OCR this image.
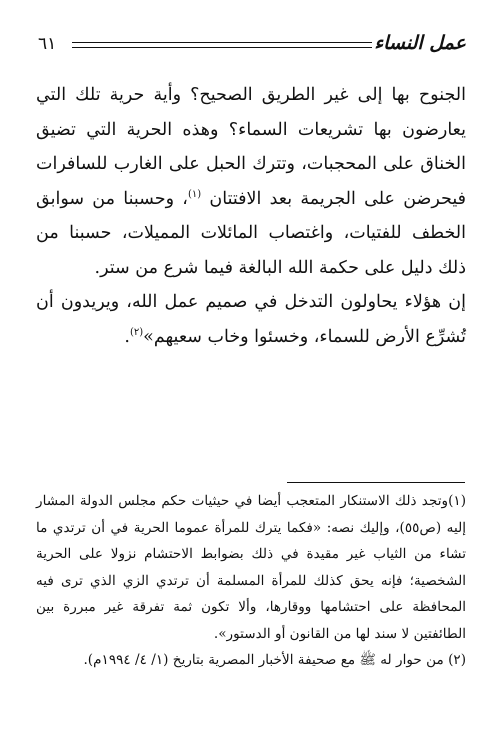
عمل النساء
٦١

الجنوح بها إلى غير الطريق الصحيح؟ وأية حرية تلك التي يعارضون بها تشريعات السماء؟ وهذه الحرية التي تضيق الخناق على المحجبات، وتترك الحبل على الغارب للسافرات فيحرضن على الجريمة بعد الافتتان $^{(١)}$، وحسبنا من سوابق الخطف للفتيات، واغتصاب المائلات المميلات، حسبنا من ذلك دليل على حكمة الله البالغة فيما شرع من ستر.

إن هؤلاء يحاولون التدخل في صميم عمل الله، ويريدون أن تُشرِّع الأرض للسماء، وخسئوا وخاب سعيهم»$^{(٢)}$.

(١)وتجد ذلك الاستنكار المتعجب أيضا في حيثيات حكم مجلس الدولة المشار إليه (ص٥٥)، وإليك نصه: «فكما يترك للمرأة عموما الحرية في أن ترتدي ما تشاء من الثياب غير مقيدة في ذلك بضوابط الاحتشام نزولا على الحرية الشخصية؛ فإنه يحق كذلك للمرأة المسلمة أن ترتدي الزي الذي ترى فيه المحافظة على احتشامها ووقارها، وألا تكون ثمة تفرقة غير مبررة بين الطائفتين لا سند لها من القانون أو الدستور».

(٢) من حوار له ﷺ مع صحيفة الأخبار المصرية بتاريخ (١/ ٤/ ١٩٩٤م).
